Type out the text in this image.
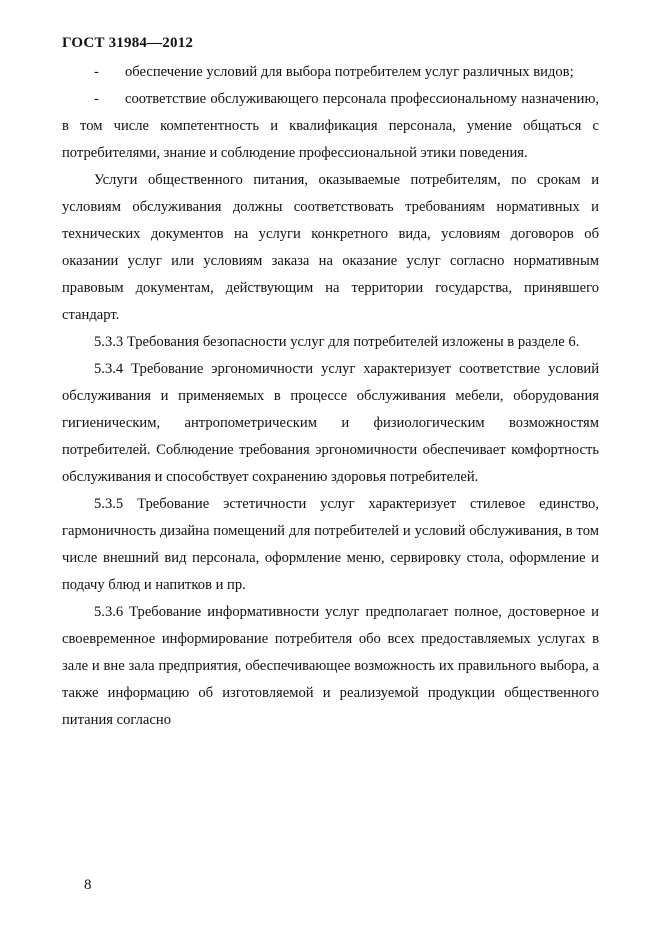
ГОСТ 31984—2012

- обеспечение условий для выбора потребителем услуг различных видов;

- соответствие обслуживающего персонала профессиональному назначению, в том числе компетентность и квалификация персонала, умение общаться с потребителями, знание и соблюдение профессиональной этики поведения.

Услуги общественного питания, оказываемые потребителям, по срокам и условиям обслуживания должны соответствовать требованиям нормативных и технических документов на услуги конкретного вида, условиям договоров об оказании услуг или условиям заказа на оказание услуг согласно нормативным правовым документам, действующим на территории государства, принявшего стандарт.

5.3.3 Требования безопасности услуг для потребителей изложены в разделе 6.

5.3.4 Требование эргономичности услуг характеризует соответствие условий обслуживания и применяемых в процессе обслуживания мебели, оборудования гигиеническим, антропометрическим и физиологическим возможностям потребителей. Соблюдение требования эргономичности обеспечивает комфортность обслуживания и способствует сохранению здоровья потребителей.

5.3.5 Требование эстетичности услуг характеризует стилевое единство, гармоничность дизайна помещений для потребителей и условий обслуживания, в том числе внешний вид персонала, оформление меню, сервировку стола, оформление и подачу блюд и напитков и пр.

5.3.6 Требование информативности услуг предполагает полное, достоверное и своевременное информирование потребителя обо всех предоставляемых услугах в зале и вне зала предприятия, обеспечивающее возможность их правильного выбора, а также информацию об изготовляемой и реализуемой продукции общественного питания согласно

8
